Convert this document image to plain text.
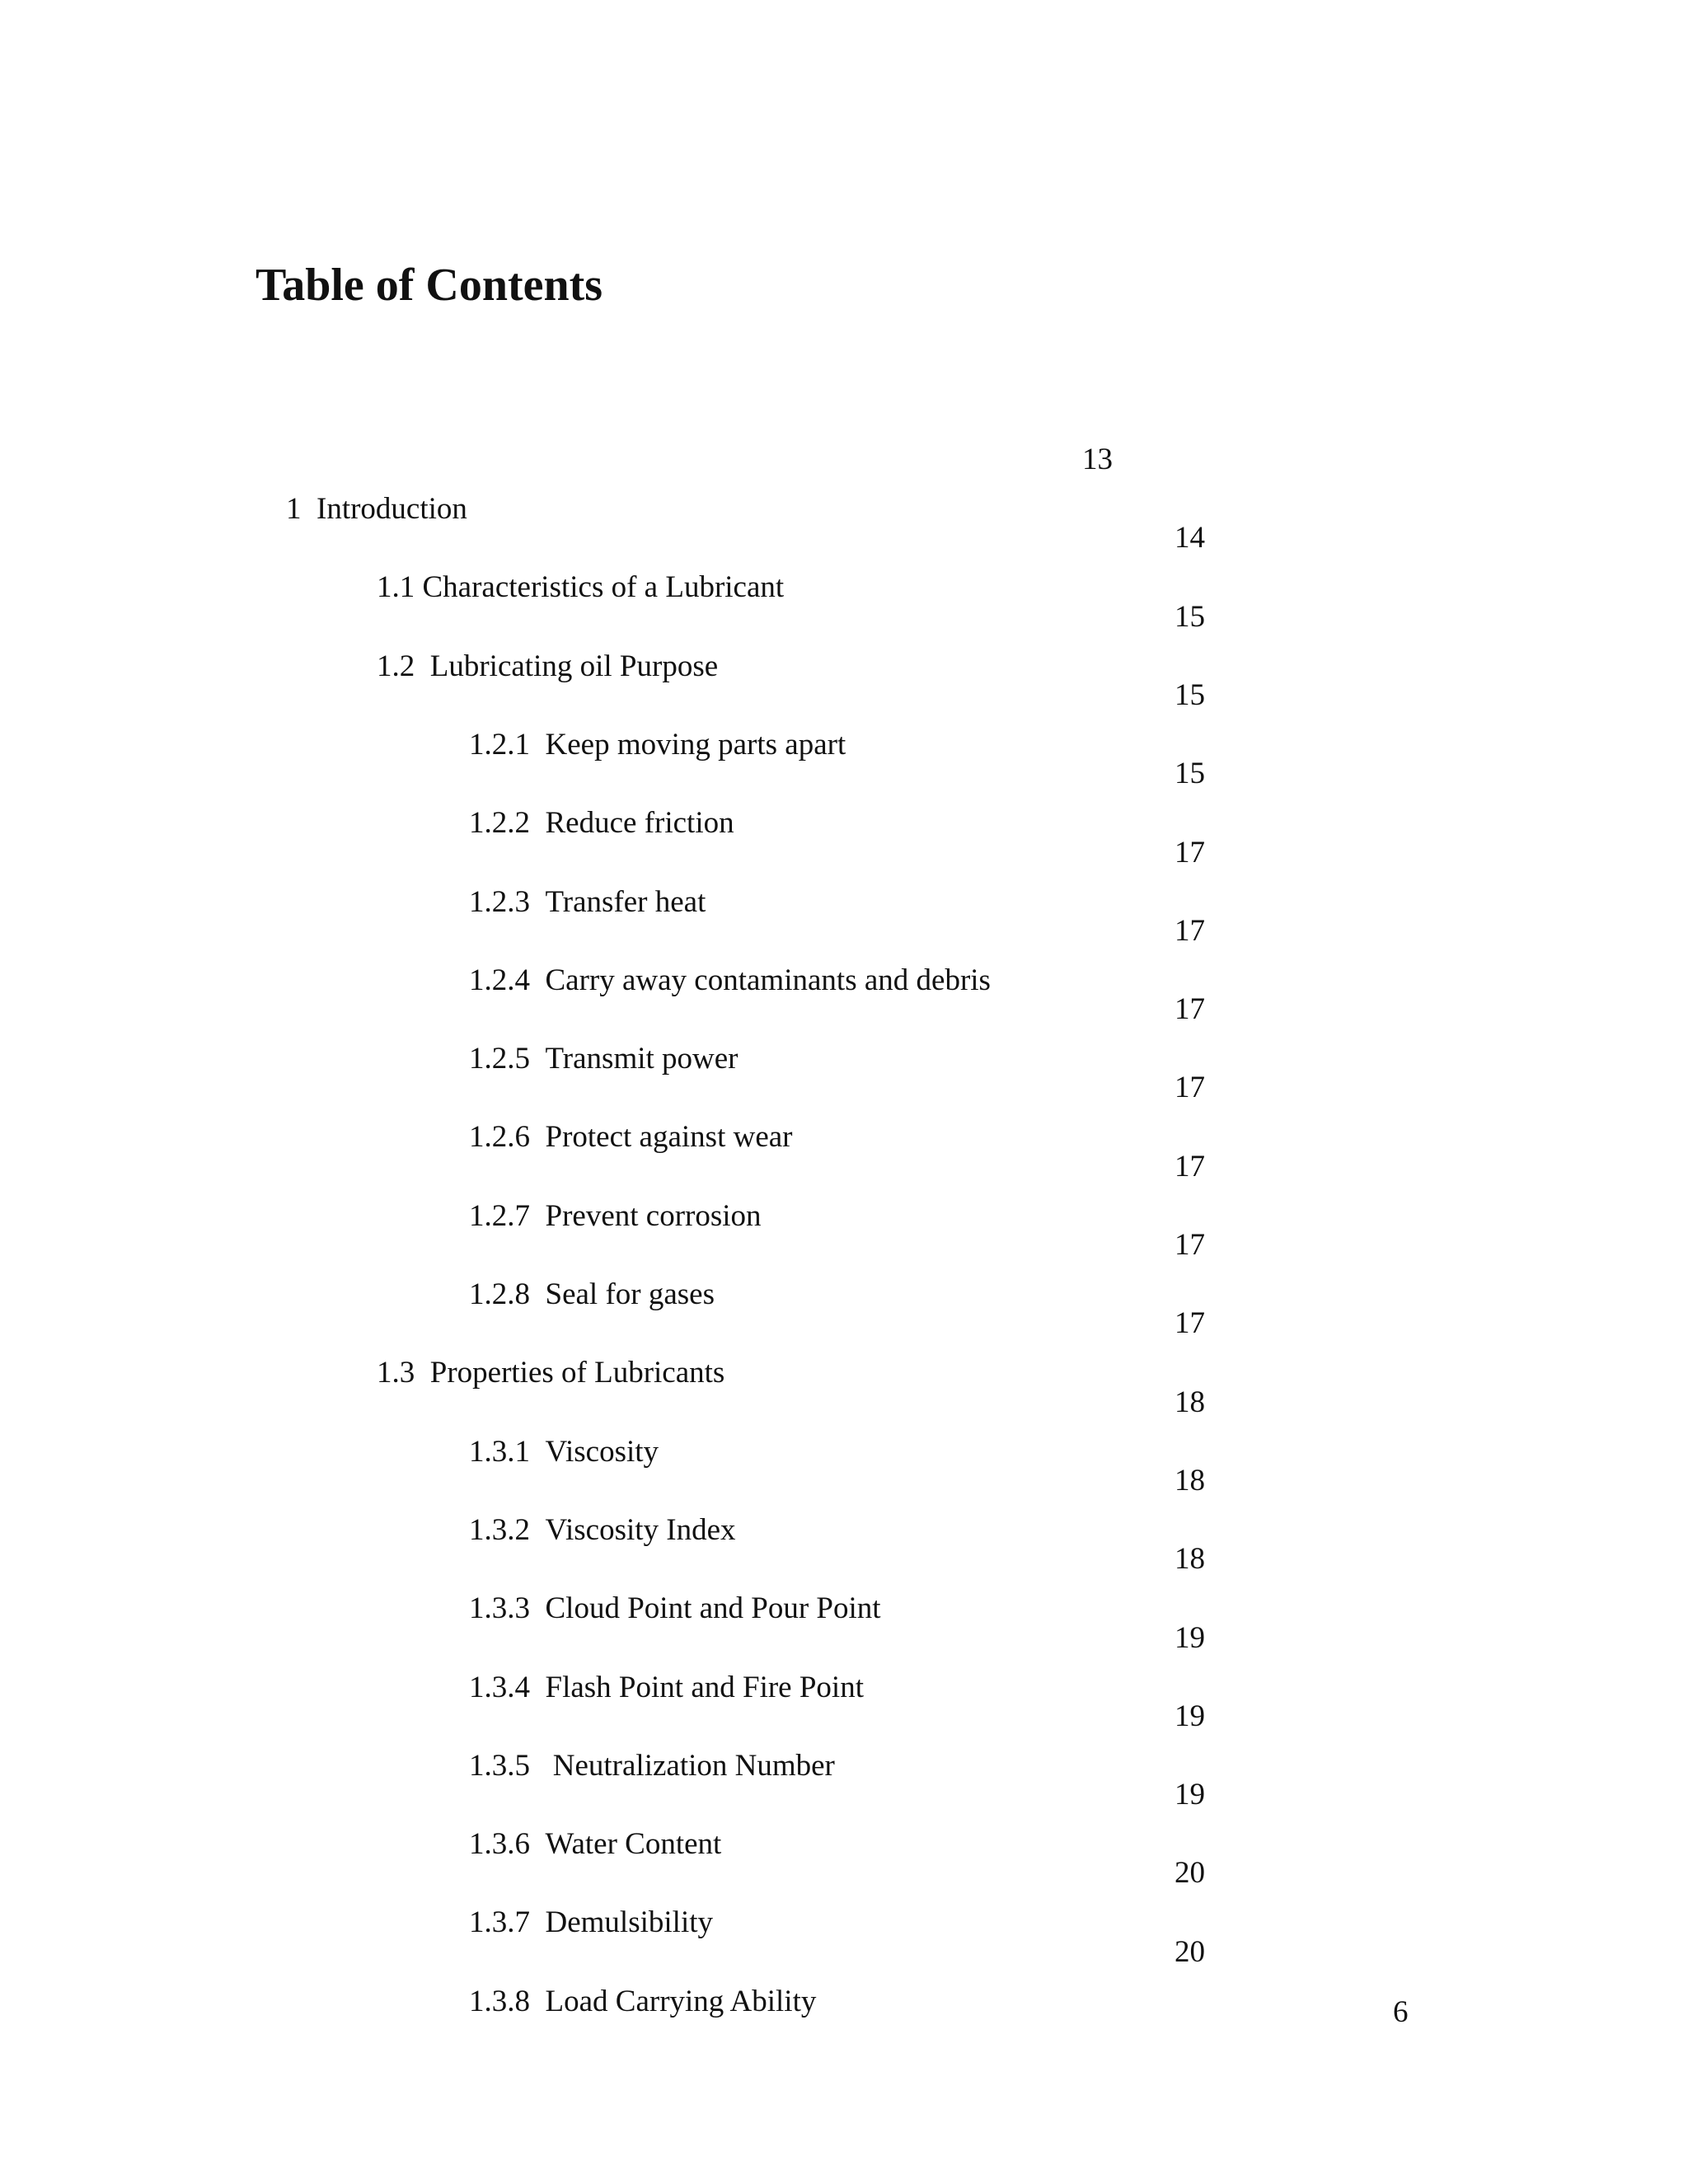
Table of Contents

1 Introduction
13

1.1 Characteristics of a Lubricant
14

1.2 Lubricating oil Purpose
15

1.2.1 Keep moving parts apart
15

1.2.2 Reduce friction
15

1.2.3 Transfer heat
17

1.2.4 Carry away contaminants and debris
17

1.2.5 Transmit power
17

1.2.6 Protect against wear
17

1.2.7 Prevent corrosion
17

1.2.8 Seal for gases
17

1.3 Properties of Lubricants
17

1.3.1 Viscosity
18

1.3.2 Viscosity Index
18

1.3.3 Cloud Point and Pour Point
18

1.3.4 Flash Point and Fire Point
19

1.3.5   Neutralization Number
19

1.3.6 Water Content
19

1.3.7 Demulsibility
20

1.3.8 Load Carrying Ability
20

6
